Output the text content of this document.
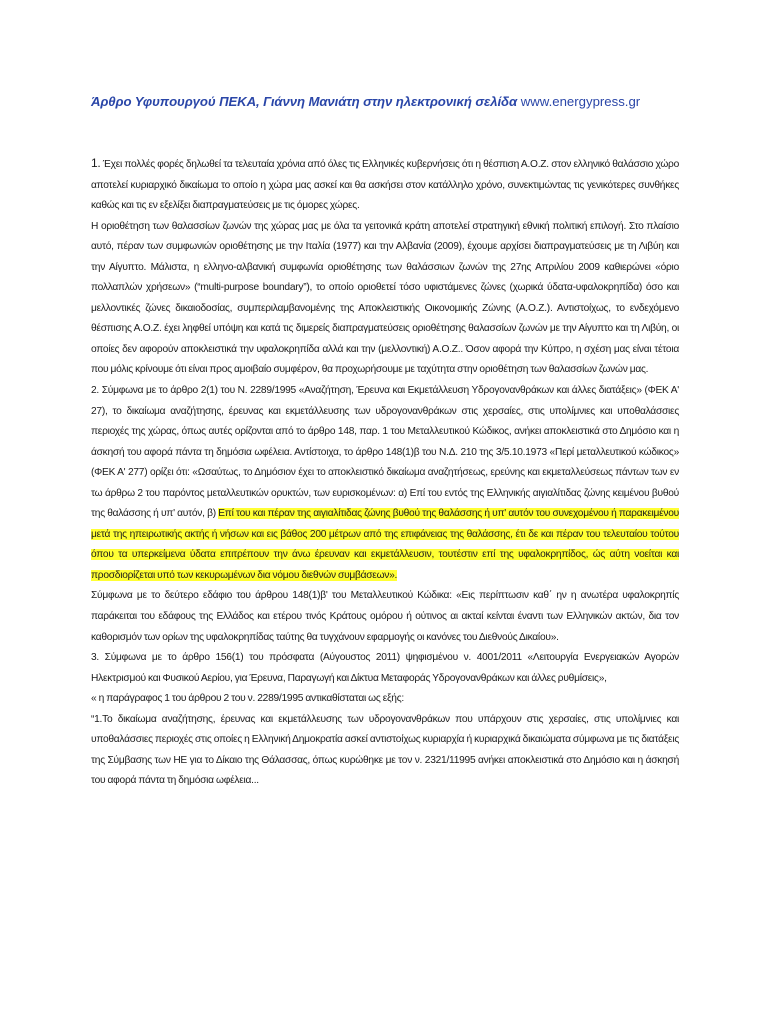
Άρθρο Υφυπουργού ΠΕΚΑ, Γιάννη Μανιάτη στην ηλεκτρονική σελίδα www.energypress.gr

1. Έχει πολλές φορές δηλωθεί τα τελευταία χρόνια από όλες τις Ελληνικές κυβερνήσεις ότι η θέσπιση Α.Ο.Ζ. στον ελληνικό θαλάσσιο χώρο αποτελεί κυριαρχικό δικαίωμα το οποίο η χώρα μας ασκεί και θα ασκήσει στον κατάλληλο χρόνο, συνεκτιμώντας τις γενικότερες συνθήκες καθώς και τις εν εξελίξει διαπραγματεύσεις με τις όμορες χώρες.

Η οριοθέτηση των θαλασσίων ζωνών της χώρας μας με όλα τα γειτονικά κράτη αποτελεί στρατηγική εθνική πολιτική επιλογή. Στο πλαίσιο αυτό, πέραν των συμφωνιών οριοθέτησης με την Ιταλία (1977) και την Αλβανία (2009), έχουμε αρχίσει διαπραγματεύσεις με τη Λιβύη και την Αίγυπτο. Μάλιστα, η ελληνο-αλβανική συμφωνία οριοθέτησης των θαλάσσιων ζωνών της 27ης Απριλίου 2009 καθιερώνει «όριο πολλαπλών χρήσεων» (“multi-purpose boundary”), το οποίο οριοθετεί τόσο υφιστάμενες ζώνες (χωρικά ύδατα-υφαλοκρηπίδα) όσο και μελλοντικές ζώνες δικαιοδοσίας, συμπεριλαμβανομένης της Αποκλειστικής Οικονομικής Ζώνης (Α.Ο.Ζ.). Αντιστοίχως, το ενδεχόμενο θέσπισης Α.Ο.Ζ. έχει ληφθεί υπόψη και κατά τις διμερείς διαπραγματεύσεις οριοθέτησης θαλασσίων ζωνών με την Αίγυπτο και τη Λιβύη, οι οποίες δεν αφορούν αποκλειστικά την υφαλοκρηπίδα αλλά και την (μελλοντική) Α.Ο.Ζ.. Όσον αφορά την Κύπρο, η σχέση μας είναι τέτοια που μόλις κρίνουμε ότι είναι προς αμοιβαίο συμφέρον, θα προχωρήσουμε με ταχύτητα στην οριοθέτηση των θαλασσίων ζωνών μας.

2. Σύμφωνα με το άρθρο 2(1) του Ν. 2289/1995 «Αναζήτηση, Έρευνα και Εκμετάλλευση Υδρογονανθράκων και άλλες διατάξεις» (ΦΕΚ Α' 27), το δικαίωμα αναζήτησης, έρευνας και εκμετάλλευσης των υδρογονανθράκων στις χερσαίες, στις υπολίμνιες και υποθαλάσσιες περιοχές της χώρας, όπως αυτές ορίζονται από το άρθρο 148, παρ. 1 του Μεταλλευτικού Κώδικος, ανήκει αποκλειστικά στο Δημόσιο και η άσκησή του αφορά πάντα τη δημόσια ωφέλεια. Αντίστοιχα, το άρθρο 148(1)β του Ν.Δ. 210 της 3/5.10.1973 «Περί μεταλλευτικού κώδικος» (ΦΕΚ Α' 277) ορίζει ότι: «Ωσαύτως, το Δημόσιον έχει το αποκλειστικό δικαίωμα αναζητήσεως, ερεύνης και εκμεταλλεύσεως πάντων των εν τω άρθρω 2 του παρόντος μεταλλευτικών ορυκτών, των ευρισκομένων: α) Επί του εντός της Ελληνικής αιγιαλίτιδας ζώνης κειμένου βυθού της θαλάσσης ή υπ' αυτόν, β) Επί του και πέραν της αιγιαλίτιδας ζώνης βυθού της θαλάσσης ή υπ' αυτόν του συνεχομένου ή παρακειμένου μετά της ηπειρωτικής ακτής ή νήσων και εις βάθος 200 μέτρων από της επιφάνειας της θαλάσσης, έτι δε και πέραν του τελευταίου τούτου όπου τα υπερκείμενα ύδατα επιτρέπουν την άνω έρευναν και εκμετάλλευσιν, τουτέστιν επί της υφαλοκρηπίδος, ώς αύτη νοείται και προσδιορίζεται υπό των κεκυρωμένων δια νόμου διεθνών συμβάσεων».

Σύμφωνα με το δεύτερο εδάφιο του άρθρου 148(1)β' του Μεταλλευτικού Κώδικα: «Εις περίπτωσιν καθ΄ ην η ανωτέρα υφαλοκρηπίς παράκειται του εδάφους της Ελλάδος και ετέρου τινός Κράτους ομόρου ή ούτινος αι ακταί κείνται έναντι των Ελληνικών ακτών, δια τον καθορισμόν των ορίων της υφαλοκρηπίδας ταύτης θα τυγχάνουν εφαρμογής οι κανόνες του Διεθνούς Δικαίου».

3. Σύμφωνα με το άρθρο 156(1) του πρόσφατα (Αύγουστος 2011) ψηφισμένου ν. 4001/2011 «Λειτουργία Ενεργειακών Αγορών Ηλεκτρισμού και Φυσικού Αερίου, για Έρευνα, Παραγωγή και Δίκτυα Μεταφοράς Υδρογονανθράκων και άλλες ρυθμίσεις»,

« η παράγραφος 1 του άρθρου 2 του ν. 2289/1995 αντικαθίσταται ως εξής:

“1.Το δικαίωμα αναζήτησης, έρευνας και εκμετάλλευσης των υδρογονανθράκων που υπάρχουν στις χερσαίες, στις υπολίμνιες και υποθαλάσσιες περιοχές στις οποίες η Ελληνική Δημοκρατία ασκεί αντιστοίχως κυριαρχία ή κυριαρχικά δικαιώματα σύμφωνα με τις διατάξεις της Σύμβασης των ΗΕ για το Δίκαιο της Θάλασσας, όπως κυρώθηκε με τον ν. 2321/11995 ανήκει αποκλειστικά στο Δημόσιο και η άσκησή του αφορά πάντα τη δημόσια ωφέλεια...
